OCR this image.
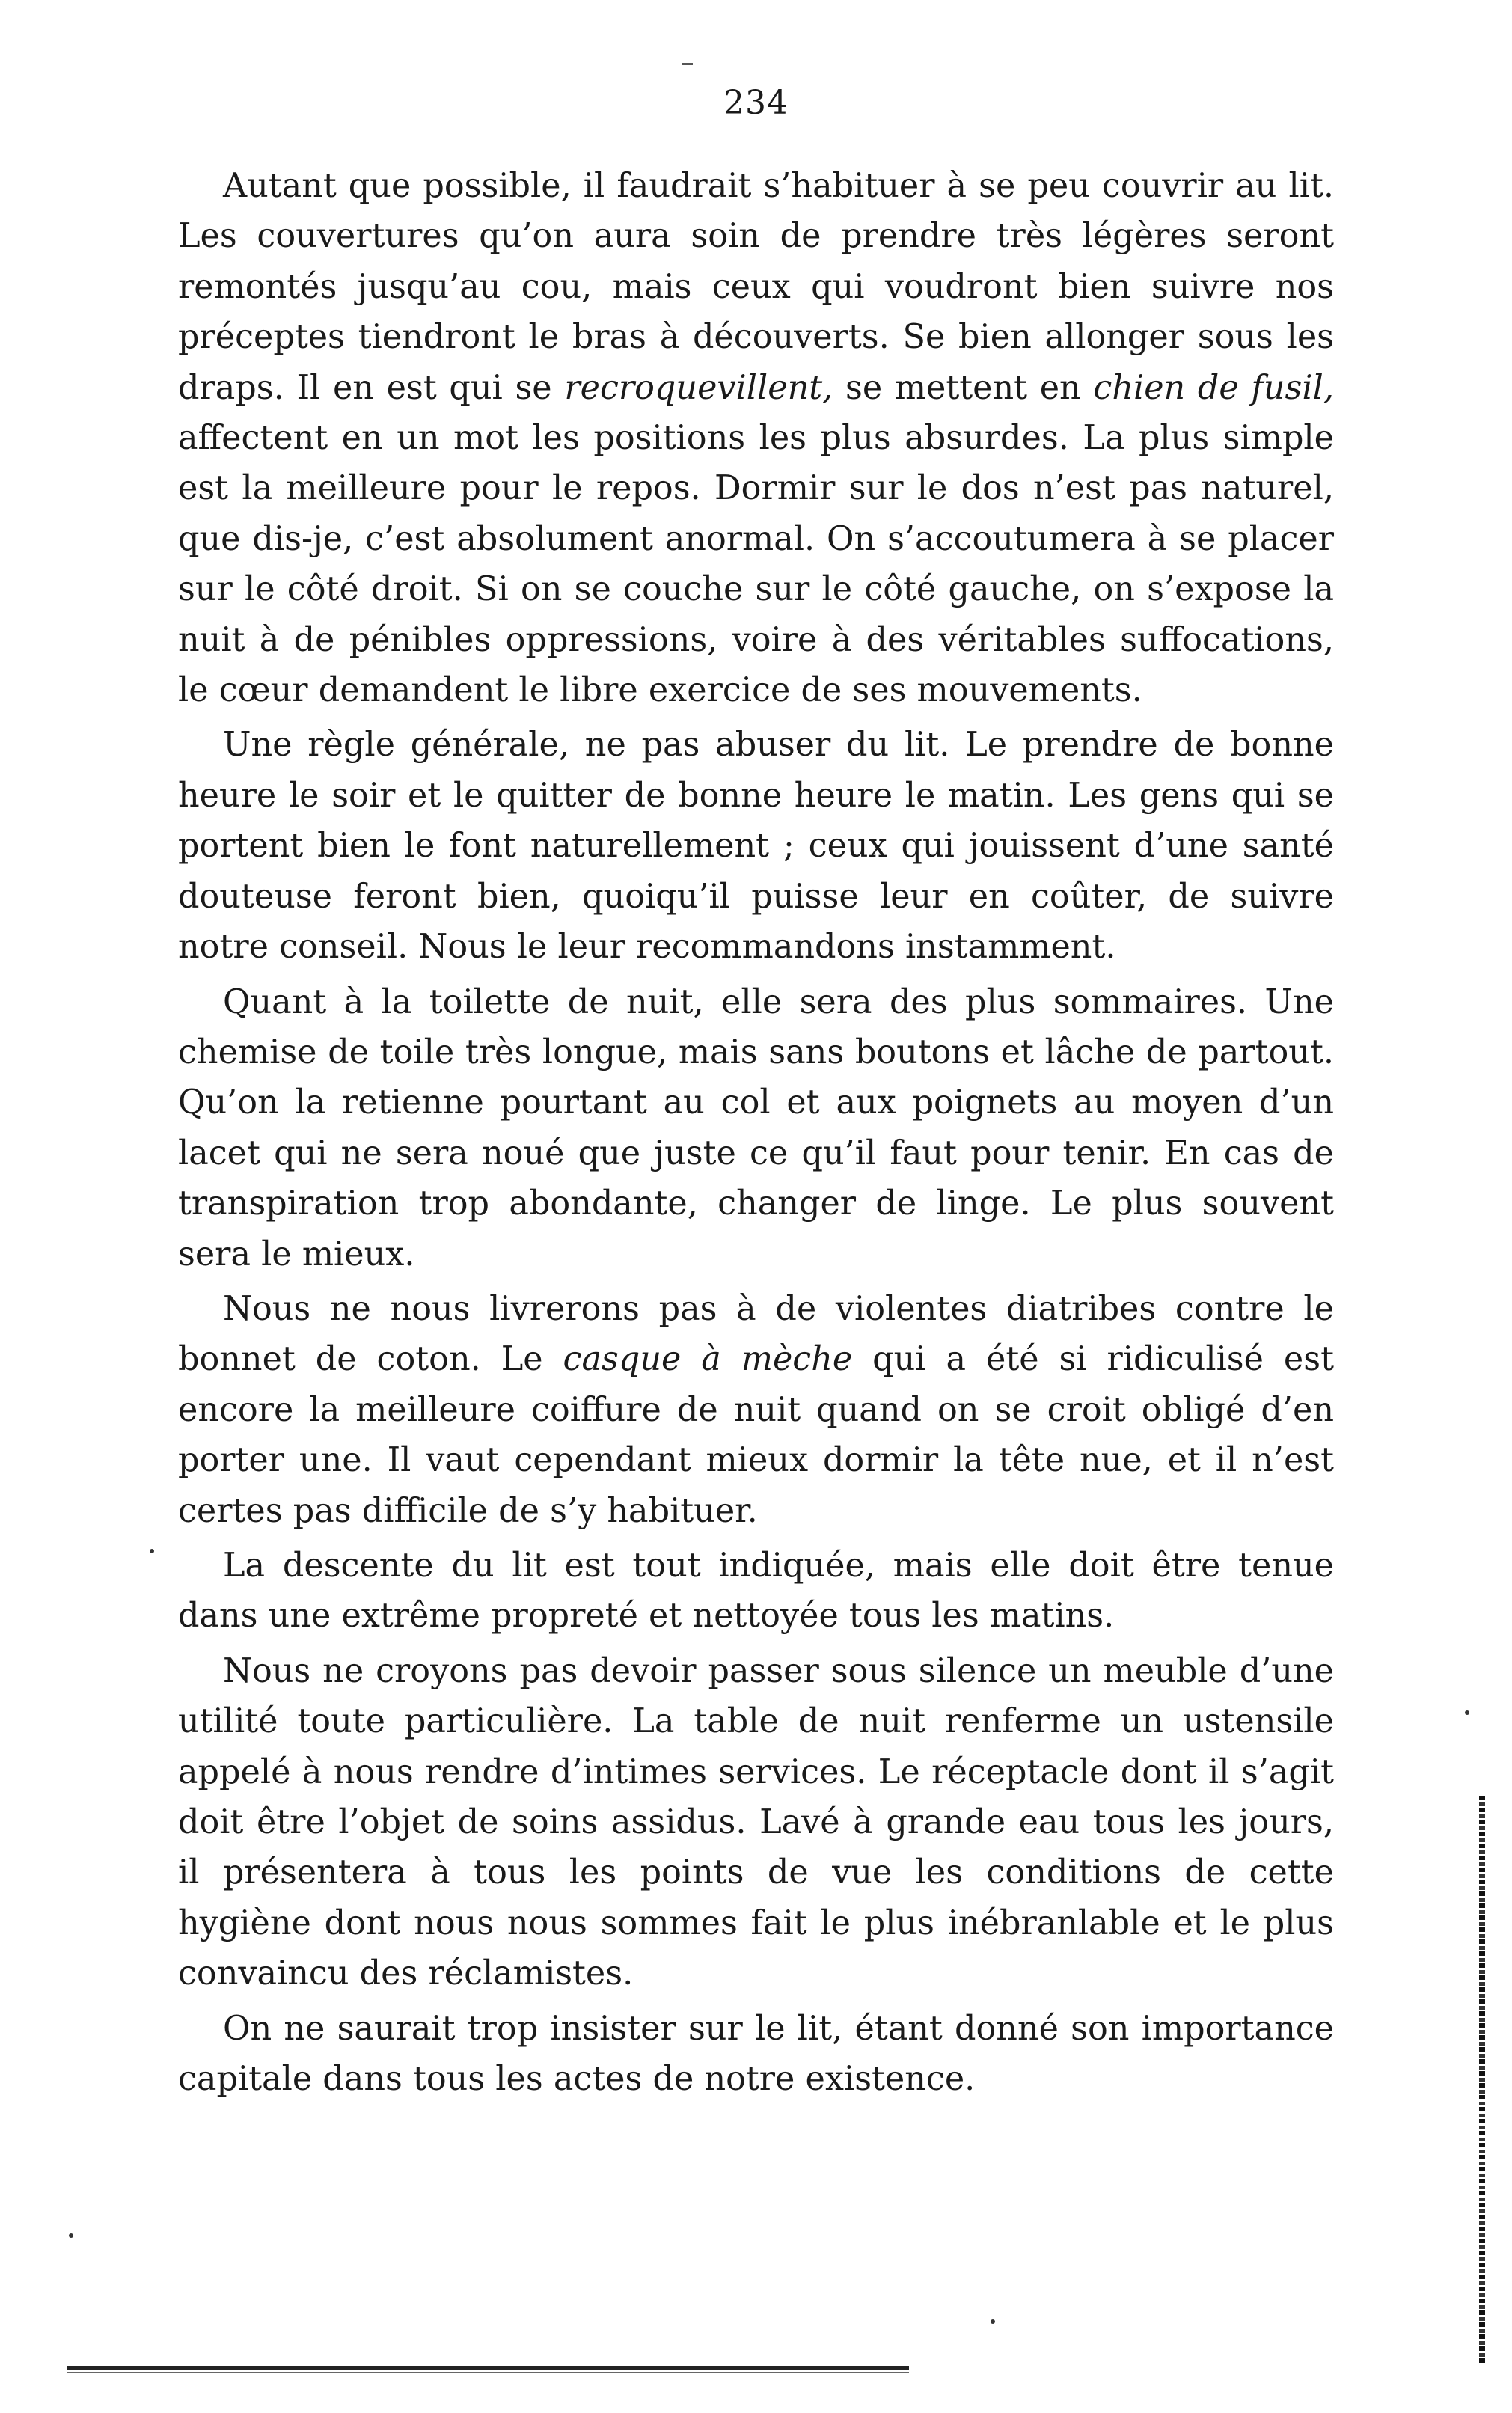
234

Autant que possible, il faudrait s’habituer à se peu couvrir au lit. Les couvertures qu’on aura soin de prendre très légères seront remontés jusqu’au cou, mais ceux qui voudront bien suivre nos préceptes tiendront le bras à découverts. Se bien allonger sous les draps. Il en est qui se recroquevillent, se mettent en chien de fusil, affectent en un mot les positions les plus absurdes. La plus simple est la meilleure pour le repos. Dormir sur le dos n’est pas naturel, que dis-je, c’est absolument anormal. On s’accoutumera à se placer sur le côté droit. Si on se couche sur le côté gauche, on s’expose la nuit à de pénibles oppressions, voire à des véritables suffocations, le cœur demandent le libre exercice de ses mouvements.

Une règle générale, ne pas abuser du lit. Le prendre de bonne heure le soir et le quitter de bonne heure le matin. Les gens qui se portent bien le font naturellement ; ceux qui jouissent d’une santé douteuse feront bien, quoiqu’il puisse leur en coûter, de suivre notre conseil. Nous le leur recommandons instamment.

Quant à la toilette de nuit, elle sera des plus sommaires. Une chemise de toile très longue, mais sans boutons et lâche de partout. Qu’on la retienne pourtant au col et aux poignets au moyen d’un lacet qui ne sera noué que juste ce qu’il faut pour tenir. En cas de transpiration trop abondante, changer de linge. Le plus souvent sera le mieux.

Nous ne nous livrerons pas à de violentes diatribes contre le bonnet de coton. Le casque à mèche qui a été si ridiculisé est encore la meilleure coiffure de nuit quand on se croit obligé d’en porter une. Il vaut cependant mieux dormir la tête nue, et il n’est certes pas difficile de s’y habituer.

La descente du lit est tout indiquée, mais elle doit être tenue dans une extrême propreté et nettoyée tous les matins.

Nous ne croyons pas devoir passer sous silence un meuble d’une utilité toute particulière. La table de nuit renferme un ustensile appelé à nous rendre d’intimes services. Le réceptacle dont il s’agit doit être l’objet de soins assidus. Lavé à grande eau tous les jours, il présentera à tous les points de vue les conditions de cette hygiène dont nous nous sommes fait le plus inébranlable et le plus convaincu des réclamistes.

On ne saurait trop insister sur le lit, étant donné son importance capitale dans tous les actes de notre existence.
